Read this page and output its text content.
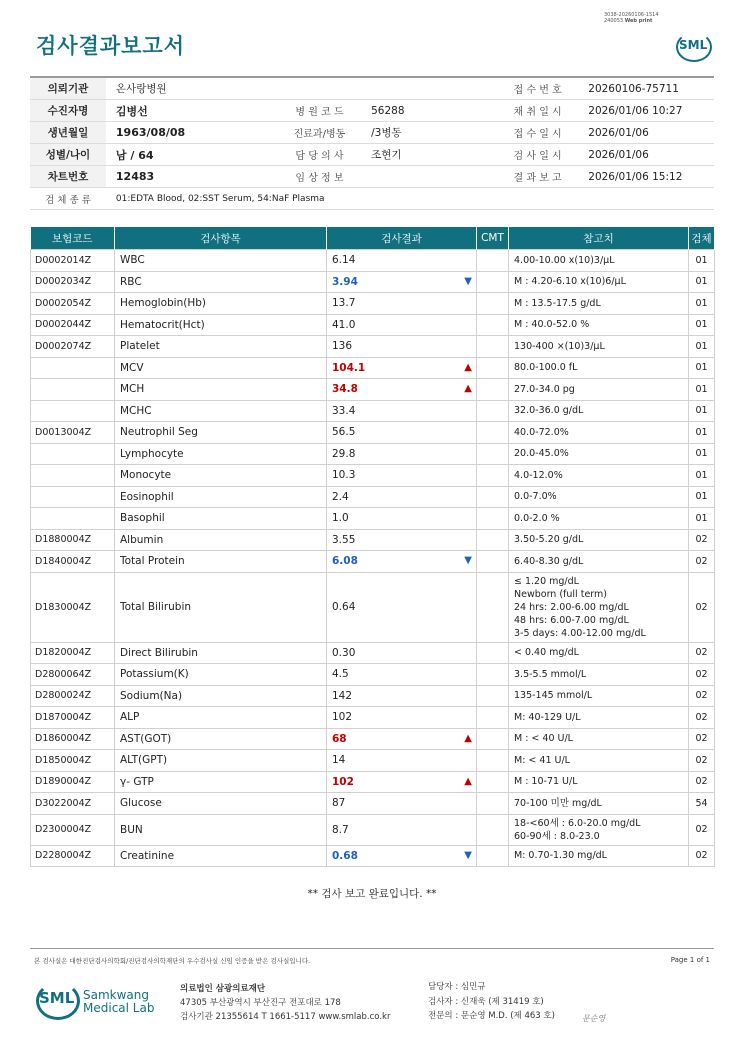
검사결과보고서
3038-20260106-1514
240053 Web print
SML
의뢰기관	온사랑병원			접 수 번 호	20260106-75711
수진자명	김병선	병 원 코 드	56288	채 취 일 시	2026/01/06 10:27
생년월일	1963/08/08	진료과/병동	/3병동	접 수 일 시	2026/01/06
성별/나이	남 / 64	담 당 의 사	조현기	검 사 일 시	2026/01/06
차트번호	12483	임 상 정 보		결 과 보 고	2026/01/06 15:12
검 체 종 류	01:EDTA Blood, 02:SST Serum, 54:NaF Plasma				
보험코드	검사항목	검사결과	CMT	참고치	검체
D0002014Z	WBC	6.14		4.00-10.00 x(10)3/μL	01
D0002034Z	RBC	3.94 ▼		M : 4.20-6.10 x(10)6/μL	01
D0002054Z	Hemoglobin(Hb)	13.7		M : 13.5-17.5 g/dL	01
D0002044Z	Hematocrit(Hct)	41.0		M : 40.0-52.0 %	01
D0002074Z	Platelet	136		130-400 ×(10)3/μL	01
	MCV	104.1 ▲		80.0-100.0 fL	01
	MCH	34.8 ▲		27.0-34.0 pg	01
	MCHC	33.4		32.0-36.0 g/dL	01
D0013004Z	Neutrophil Seg	56.5		40.0-72.0%	01
	Lymphocyte	29.8		20.0-45.0%	01
	Monocyte	10.3		4.0-12.0%	01
	Eosinophil	2.4		0.0-7.0%	01
	Basophil	1.0		0.0-2.0 %	01
D1880004Z	Albumin	3.55		3.50-5.20 g/dL	02
D1840004Z	Total Protein	6.08 ▼		6.40-8.30 g/dL	02
D1830004Z	Total Bilirubin	0.64		≤ 1.20 mg/dL
Newborn (full term)
24 hrs: 2.00-6.00 mg/dL
48 hrs: 6.00-7.00 mg/dL
3-5 days: 4.00-12.00 mg/dL	02
D1820004Z	Direct Bilirubin	0.30		< 0.40 mg/dL	02
D2800064Z	Potassium(K)	4.5		3.5-5.5 mmol/L	02
D2800024Z	Sodium(Na)	142		135-145 mmol/L	02
D1870004Z	ALP	102		M: 40-129 U/L	02
D1860004Z	AST(GOT)	68 ▲		M : < 40 U/L	02
D1850004Z	ALT(GPT)	14		M: < 41 U/L	02
D1890004Z	γ- GTP	102 ▲		M : 10-71 U/L	02
D3022004Z	Glucose	87		70-100 미만 mg/dL	54
D2300004Z	BUN	8.7		18-<60세 : 6.0-20.0 mg/dL
60-90세 : 8.0-23.0	02
D2280004Z	Creatinine	0.68 ▼		M: 0.70-1.30 mg/dL	02
** 검사 보고 완료입니다. **
본 검사실은 대한진단검사의학회/진단검사의학재단의 우수검사실 신임 인증을 받은 검사실입니다.	Page 1 of 1
SML Samkwang
Medical Lab
의료법인 삼광의료재단
47305 부산광역시 부산진구 전포대로 178
검사기관 21355614 T 1661-5117 www.smlab.co.kr
담당자 : 심민규
검사자 : 신재욱 (제 31419 호)
전문의 : 문순영 M.D. (제 463 호)	문순영
